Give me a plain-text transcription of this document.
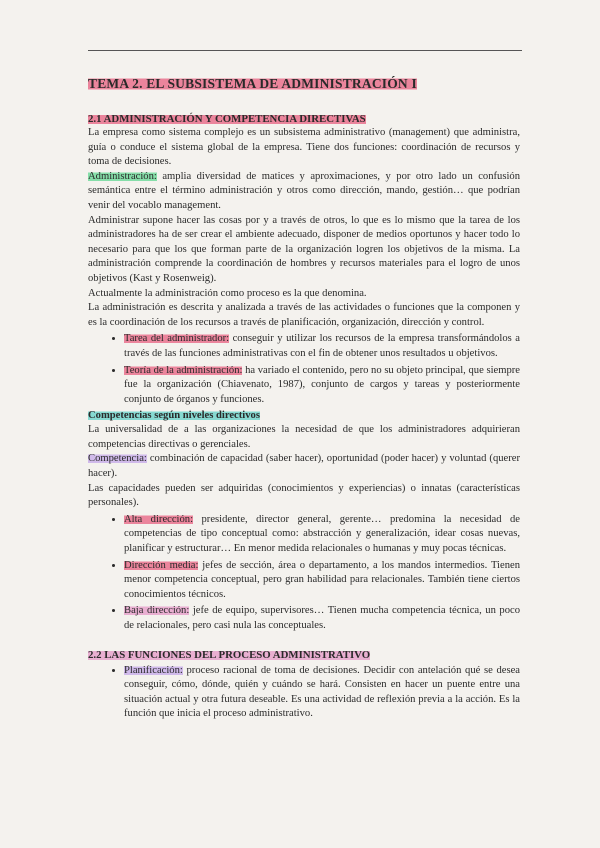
TEMA 2. EL SUBSISTEMA DE ADMINISTRACIÓN I
2.1 ADMINISTRACIÓN Y COMPETENCIA DIRECTIVAS

La empresa como sistema complejo es un subsistema administrativo (management) que administra, guía o conduce el sistema global de la empresa. Tiene dos funciones: coordinación de recursos y toma de decisiones.

Administración: amplia diversidad de matices y aproximaciones, y por otro lado un confusión semántica entre el término administración y otros como dirección, mando, gestión… que podrían venir del vocablo management.

Administrar supone hacer las cosas por y a través de otros, lo que es lo mismo que la tarea de los administradores ha de ser crear el ambiente adecuado, disponer de medios oportunos y hacer todo lo necesario para que los que forman parte de la organización logren los objetivos de la misma. La administración comprende la coordinación de hombres y recursos materiales para el logro de unos objetivos (Kast y Rosenweig).

Actualmente la administración como proceso es la que denomina.

La administración es descrita y analizada a través de las actividades o funciones que la componen y es la coordinación de los recursos a través de planificación, organización, dirección y control.

• Tarea del administrador: conseguir y utilizar los recursos de la empresa transformándolos a través de las funciones administrativas con el fin de obtener unos resultados u objetivos.
• Teoría de la administración: ha variado el contenido, pero no su objeto principal, que siempre fue la organización (Chiavenato, 1987), conjunto de cargos y tareas y posteriormente conjunto de órganos y funciones.
Competencias según niveles directivos

La universalidad de a las organizaciones la necesidad de que los administradores adquirieran competencias directivas o gerenciales.

Competencia: combinación de capacidad (saber hacer), oportunidad (poder hacer) y voluntad (querer hacer).

Las capacidades pueden ser adquiridas (conocimientos y experiencias) o innatas (características personales).

• Alta dirección: presidente, director general, gerente… predomina la necesidad de competencias de tipo conceptual como: abstracción y generalización, idear cosas nuevas, planificar y estructurar… En menor medida relacionales o humanas y muy pocas técnicas.
• Dirección media: jefes de sección, área o departamento, a los mandos intermedios. Tienen menor competencia conceptual, pero gran habilidad para relacionales. También tiene ciertos conocimientos técnicos.
• Baja dirección: jefe de equipo, supervisores… Tienen mucha competencia técnica, un poco de relacionales, pero casi nula las conceptuales.
2.2 LAS FUNCIONES DEL PROCESO ADMINISTRATIVO
• Planificación: proceso racional de toma de decisiones. Decidir con antelación qué se desea conseguir, cómo, dónde, quién y cuándo se hará. Consisten en hacer un puente entre una situación actual y otra futura deseable. Es una actividad de reflexión previa a la acción. Es la función que inicia el proceso administrativo.
